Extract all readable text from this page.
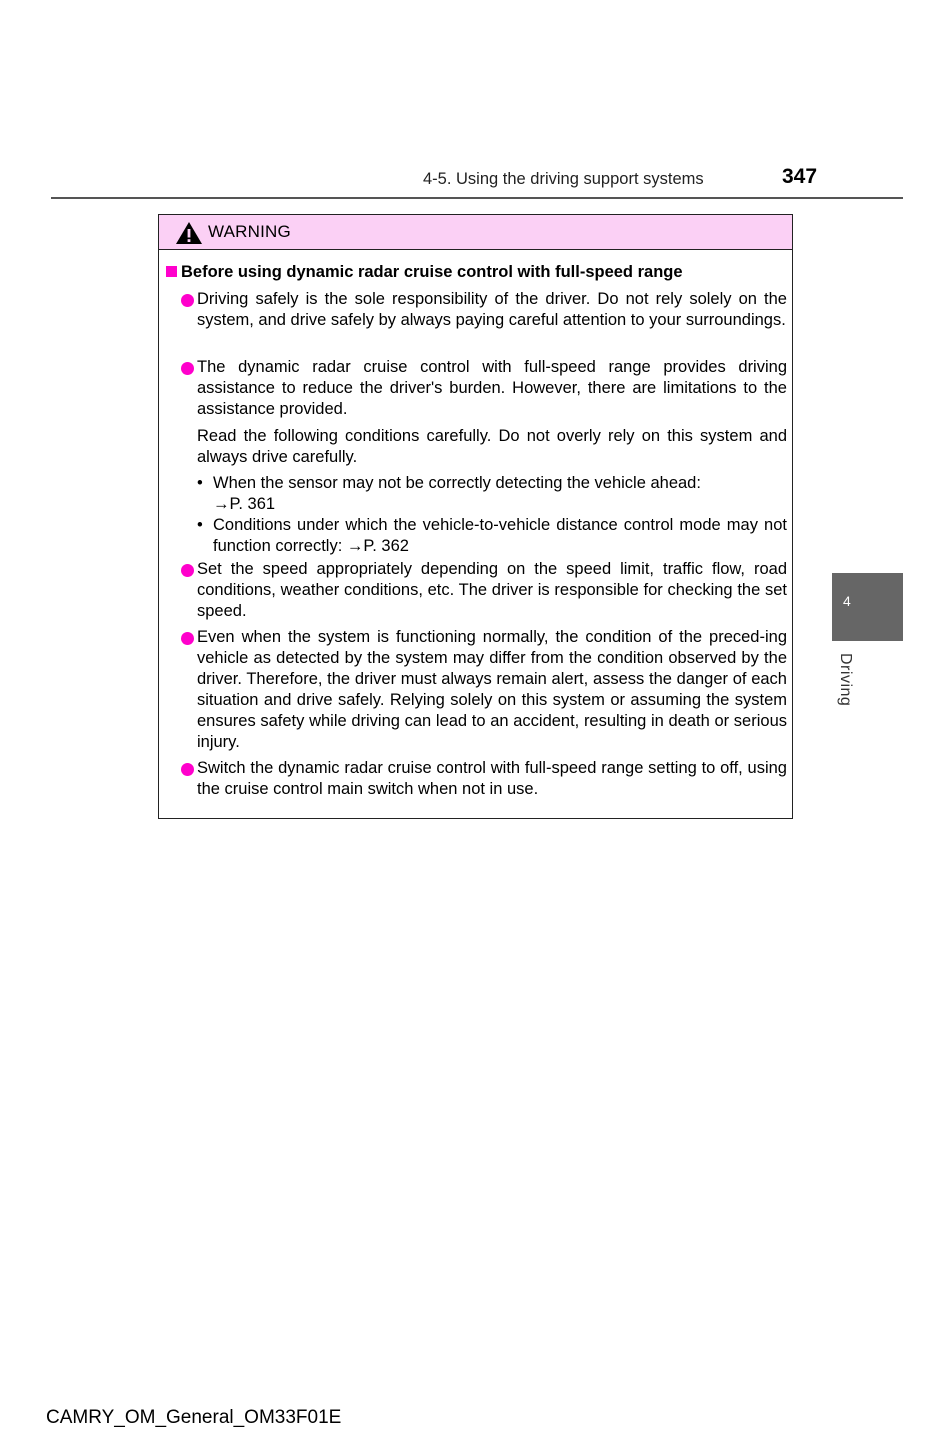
4-5. Using the driving support systems	347
WARNING
Before using dynamic radar cruise control with full-speed range
Driving safely is the sole responsibility of the driver. Do not rely solely on the system, and drive safely by always paying careful attention to your surroundings.
The dynamic radar cruise control with full-speed range provides driving assistance to reduce the driver's burden. However, there are limitations to the assistance provided.
Read the following conditions carefully. Do not overly rely on this system and always drive carefully.
• When the sensor may not be correctly detecting the vehicle ahead:
→P. 361
• Conditions under which the vehicle-to-vehicle distance control mode may not function correctly: →P. 362
Set the speed appropriately depending on the speed limit, traffic flow, road conditions, weather conditions, etc. The driver is responsible for checking the set speed.
Even when the system is functioning normally, the condition of the preced-ing vehicle as detected by the system may differ from the condition observed by the driver. Therefore, the driver must always remain alert, assess the danger of each situation and drive safely. Relying solely on this system or assuming the system ensures safety while driving can lead to an accident, resulting in death or serious injury.
Switch the dynamic radar cruise control with full-speed range setting to off, using the cruise control main switch when not in use.
4
Driving
CAMRY_OM_General_OM33F01E
